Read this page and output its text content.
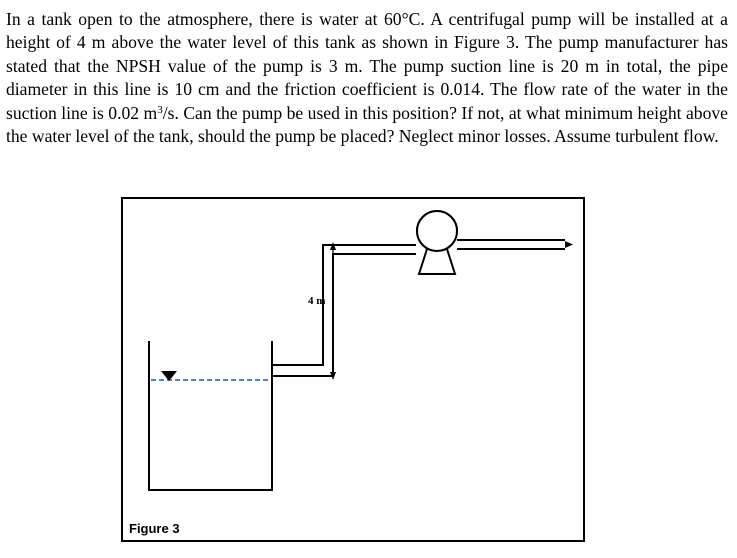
In a tank open to the atmosphere, there is water at 60°C. A centrifugal pump will be installed at a height of 4 m above the water level of this tank as shown in Figure 3. The pump manufacturer has stated that the NPSH value of the pump is 3 m. The pump suction line is 20 m in total, the pipe diameter in this line is 10 cm and the friction coefficient is 0.014. The flow rate of the water in the suction line is 0.02 $m^3/s$. Can the pump be used in this position? If not, at what minimum height above the water level of the tank, should the pump be placed? Neglect minor losses. Assume turbulent flow.
4 m
Figure 3
